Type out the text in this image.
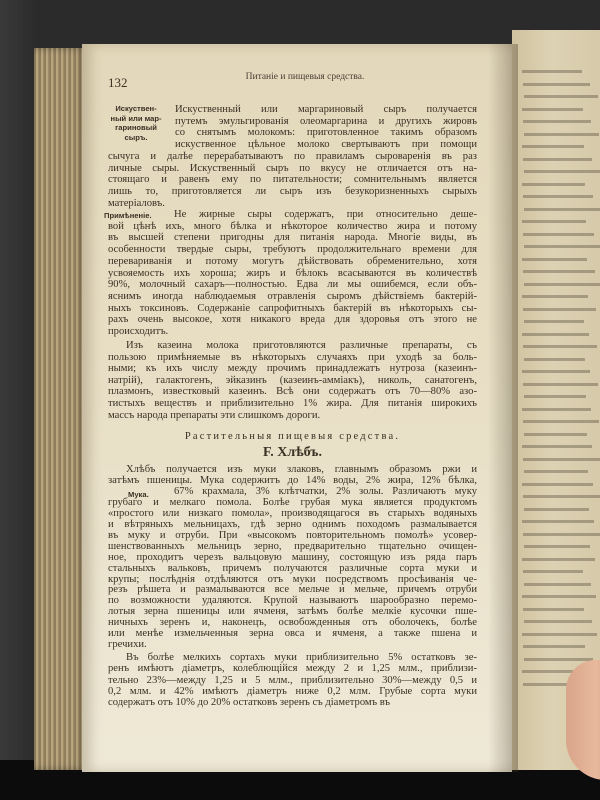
132	Питаніе и пищевыя средства.
Искуствен-
ный или мар-
гариновый
сыръ.
Примѣненіе.
Мука.
Растительныя пищевыя средства.
F. Хлѣбъ.
Искуственный или маргариновый сыръ получается
путемъ эмульгированія олеомаргарина и другихъ жировъ
со снятымъ молокомъ: приготовленное такимъ образомъ
искуственное цѣльное молоко свертываютъ при помощи
сычуга и далѣе перерабатываютъ по правиламъ сыроваренія въ раз
личные сыры. Искуственный сыръ по вкусу не отличается отъ на-
стоящаго и равенъ ему по питательности; сомнительнымъ является
лишь то, приготовляется ли сыръ изъ безукоризненныхъ сырыхъ
матеріаловъ.
Не жирные сыры содержатъ, при относительно деше-
вой цѣнѣ ихъ, много бѣлка и нѣкоторое количество жира и потому
въ высшей степени пригодны для питанія народа. Многіе виды, въ
особенности твердые сыры, требуютъ продолжительнаго времени для
перевариванія и потому могутъ дѣйствовать обременительно, хотя
усвояемость ихъ хороша; жиръ и бѣлокъ всасываются въ количествѣ
90%, молочный сахаръ—полностью. Едва ли мы ошибемся, если объ-
яснимъ иногда наблюдаемыя отравленія сыромъ дѣйствіемъ бактерій-
ныхъ токсиновъ. Содержаніе сапрофитныхъ бактерій въ нѣкоторыхъ сы-
рахъ очень высокое, хотя никакого вреда для здоровья отъ этого не
происходитъ.
Изъ казеина молока приготовляются различные препараты, съ
пользою примѣняемые въ нѣкоторыхъ случаяхъ при уходѣ за боль-
ными; къ ихъ числу между прочимъ принадлежатъ нутроза (казеинъ-
натрій), галактогенъ, эйказинъ (казеинъ-аммiакъ), николь, санатогенъ,
плазмонъ, известковый казеинъ. Всѣ они содержатъ отъ 70—80% азо-
тистыхъ веществъ и приблизительно 1% жира. Для питанія широкихъ
массъ народа препараты эти слишкомъ дороги.
Хлѣбъ получается изъ муки злаковъ, главнымъ образомъ ржи и
затѣмъ пшеницы. Мука содержитъ до 14% воды, 2% жира, 12% бѣлка,
67% крахмала, 3% клѣтчатки, 2% золы. Различаютъ муку
грубаго и мелкаго помола. Болѣе грубая мука является продуктомъ
«простого или низкаго помола», производящагося въ старыхъ водяныхъ
и вѣтряныхъ мельницахъ, гдѣ зерно однимъ походомъ размалывается
въ муку и отруби. При «высокомъ повторительномъ помолѣ» усовер-
шенствованныхъ мельницъ зерно, предварительно тщательно очищен-
ное, проходитъ черезъ вальцовую машину, состоящую изъ ряда паръ
стальныхъ вальковъ, причемъ получаются различные сорта муки и
крупы; послѣднія отдѣляются отъ муки посредствомъ просѣиванія че-
резъ рѣшета и размалываются все мельче и мельче, причемъ отруби
по возможности удаляются. Крупой называютъ шарообразно перемо-
лотыя зерна пшеницы или ячменя, затѣмъ болѣе мелкіе кусочки пше-
ничныхъ зеренъ и, наконецъ, освобожденныя отъ оболочекъ, болѣе
или менѣе измельченныя зерна овса и ячменя, а также пшена и
гречихи.
Въ болѣе мелкихъ сортахъ муки приблизительно 5% остатковъ зе-
ренъ имѣютъ діаметръ, колеблющійся между 2 и 1,25 млм., приблизи-
тельно 23%—между 1,25 и 5 млм., приблизительно 30%—между 0,5 и
0,2 млм. и 42% имѣютъ діаметръ ниже 0,2 млм. Грубые сорта муки
содержатъ отъ 10% до 20% остатковъ зеренъ съ діаметромъ въ
